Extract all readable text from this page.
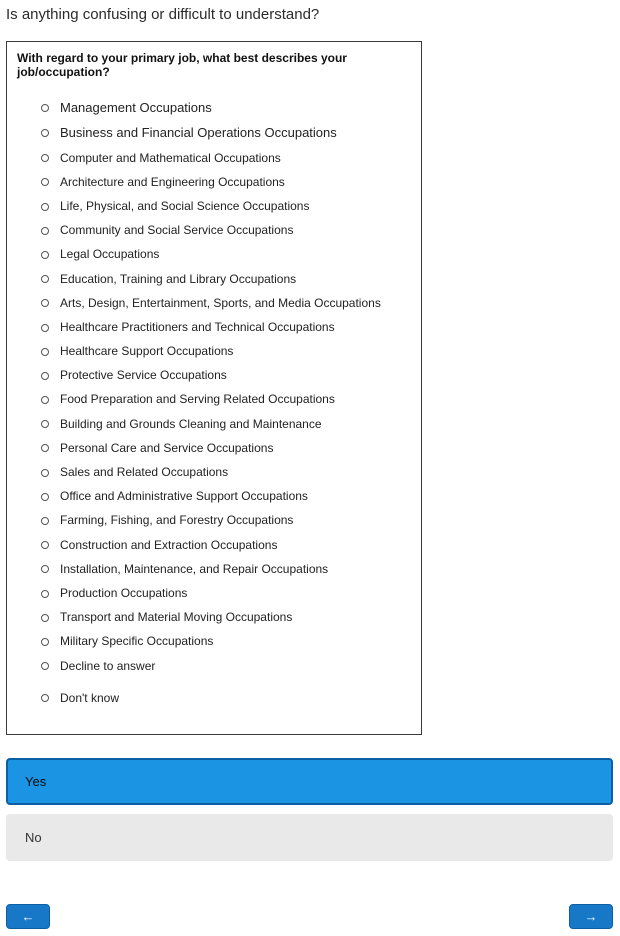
Is anything confusing or difficult to understand?
With regard to your primary job, what best describes your job/occupation?
Management Occupations
Business and Financial Operations Occupations
Computer and Mathematical Occupations
Architecture and Engineering Occupations
Life, Physical, and Social Science Occupations
Community and Social Service Occupations
Legal Occupations
Education, Training and Library Occupations
Arts, Design, Entertainment, Sports, and Media Occupations
Healthcare Practitioners and Technical Occupations
Healthcare Support Occupations
Protective Service Occupations
Food Preparation and Serving Related Occupations
Building and Grounds Cleaning and Maintenance
Personal Care and Service Occupations
Sales and Related Occupations
Office and Administrative Support Occupations
Farming, Fishing, and Forestry Occupations
Construction and Extraction Occupations
Installation, Maintenance, and Repair Occupations
Production Occupations
Transport and Material Moving Occupations
Military Specific Occupations
Decline to answer
Don't know
Yes
No
←	→
